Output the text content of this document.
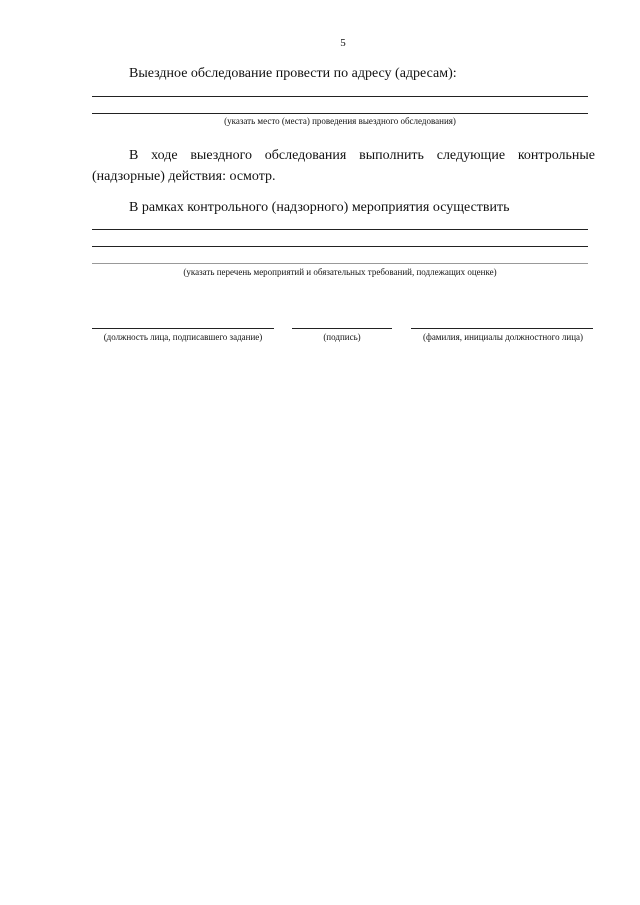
5
Выездное обследование провести по адресу (адресам):
(указать место (места) проведения выездного обследования)
В ходе выездного обследования выполнить следующие контрольные (надзорные) действия: осмотр.
В рамках контрольного (надзорного) мероприятия осуществить
(указать перечень мероприятий и обязательных требований, подлежащих оценке)
(должность лица, подписавшего задание)	(подпись)	(фамилия, инициалы должностного лица)
